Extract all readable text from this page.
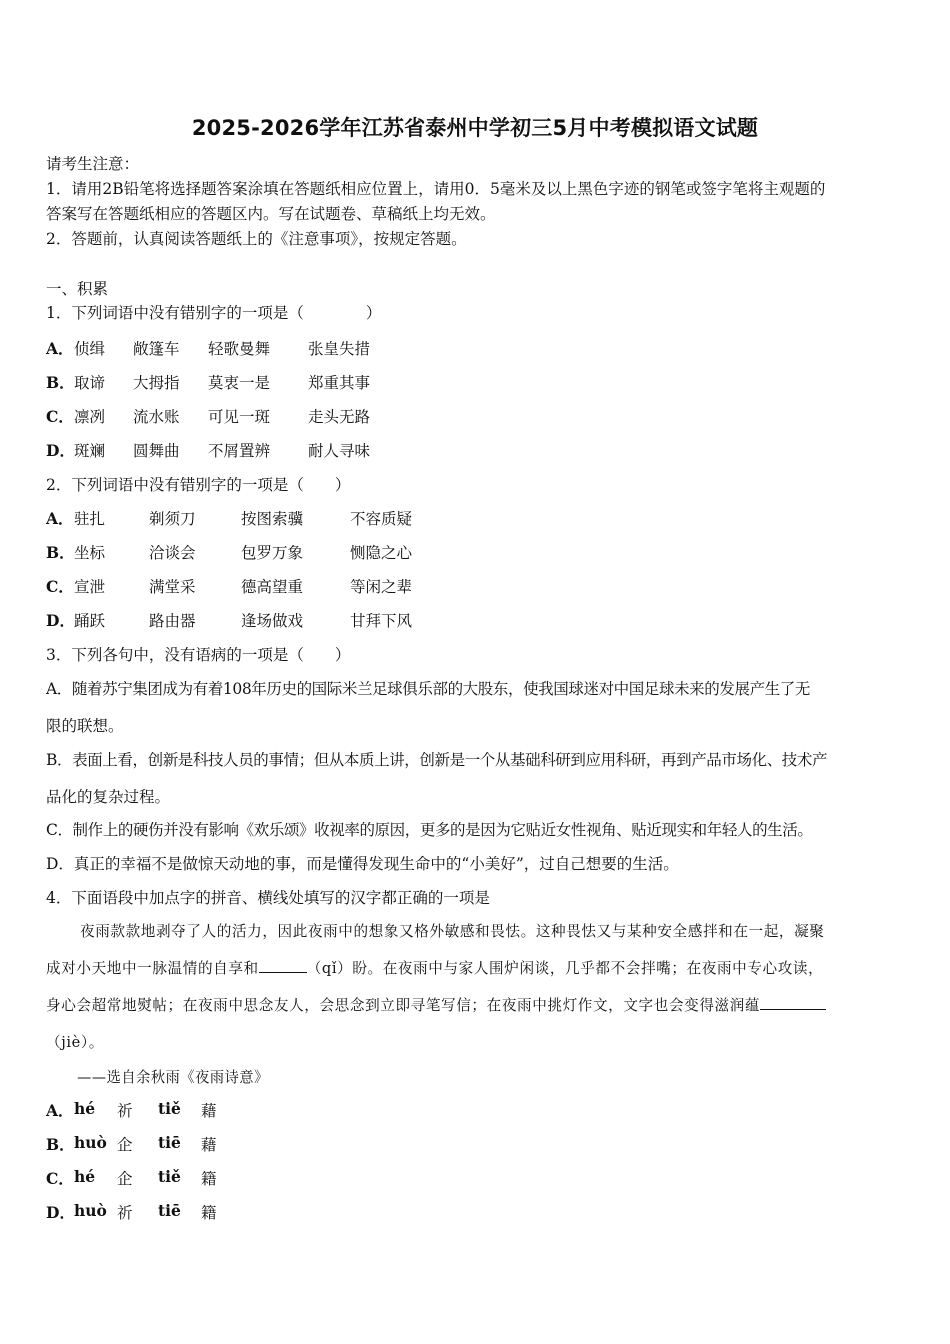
2025-2026学年江苏省泰州中学初三5月中考模拟语文试题
请考生注意：
1．请用2B铅笔将选择题答案涂填在答题纸相应位置上，请用0．5毫米及以上黑色字迹的钢笔或签字笔将主观题的
答案写在答题纸相应的答题区内。写在试题卷、草稿纸上均无效。
2．答题前，认真阅读答题纸上的《注意事项》，按规定答题。
一、积累
1．下列词语中没有错别字的一项是（　　　　）
A． 侦缉 敞篷车 轻歌曼舞 张皇失措
B． 取谛 大拇指 莫衷一是 郑重其事
C． 凛冽 流水账 可见一斑 走头无路
D． 斑斓 圆舞曲 不屑置辨 耐人寻味
2．下列词语中没有错别字的一项是（　　）
A． 驻扎	剃须刀	按图索骥	不容质疑
B． 坐标	洽谈会	包罗万象	恻隐之心
C． 宣泄	满堂采	德高望重	等闲之辈
D． 踊跃	路由器	逢场做戏	甘拜下风
3．下列各句中，没有语病的一项是（　　）
A．随着苏宁集团成为有着108年历史的国际米兰足球俱乐部的大股东，使我国球迷对中国足球未来的发展产生了无
限的联想。
B．表面上看，创新是科技人员的事情；但从本质上讲，创新是一个从基础科研到应用科研，再到产品市场化、技术产
品化的复杂过程。
C．制作上的硬伤并没有影响《欢乐颂》收视率的原因，更多的是因为它贴近女性视角、贴近现实和年轻人的生活。
D．真正的幸福不是做惊天动地的事，而是懂得发现生命中的“小美好”，过自己想要的生活。
4．下面语段中加点字的拼音、横线处填写的汉字都正确的一项是
夜雨款款地剥夺了人的活力，因此夜雨中的想象又格外敏感和畏怯。这种畏怯又与某种安全感拌和在一起，凝聚
成对小天地中一脉温情的自享和	（qǐ）盼。在夜雨中与家人围炉闲谈，几乎都不会拌嘴；在夜雨中专心攻读，
身心会超常地熨帖；在夜雨中思念友人，会思念到立即寻笔写信；在夜雨中挑灯作文，文字也会变得滋润蕴
（jiè）。
——选自余秋雨《夜雨诗意》
A． hé 祈 tiě 藉
B． huò 企 tiē 藉
C． hé 企 tiě 籍
D． huò 祈 tiē 籍
